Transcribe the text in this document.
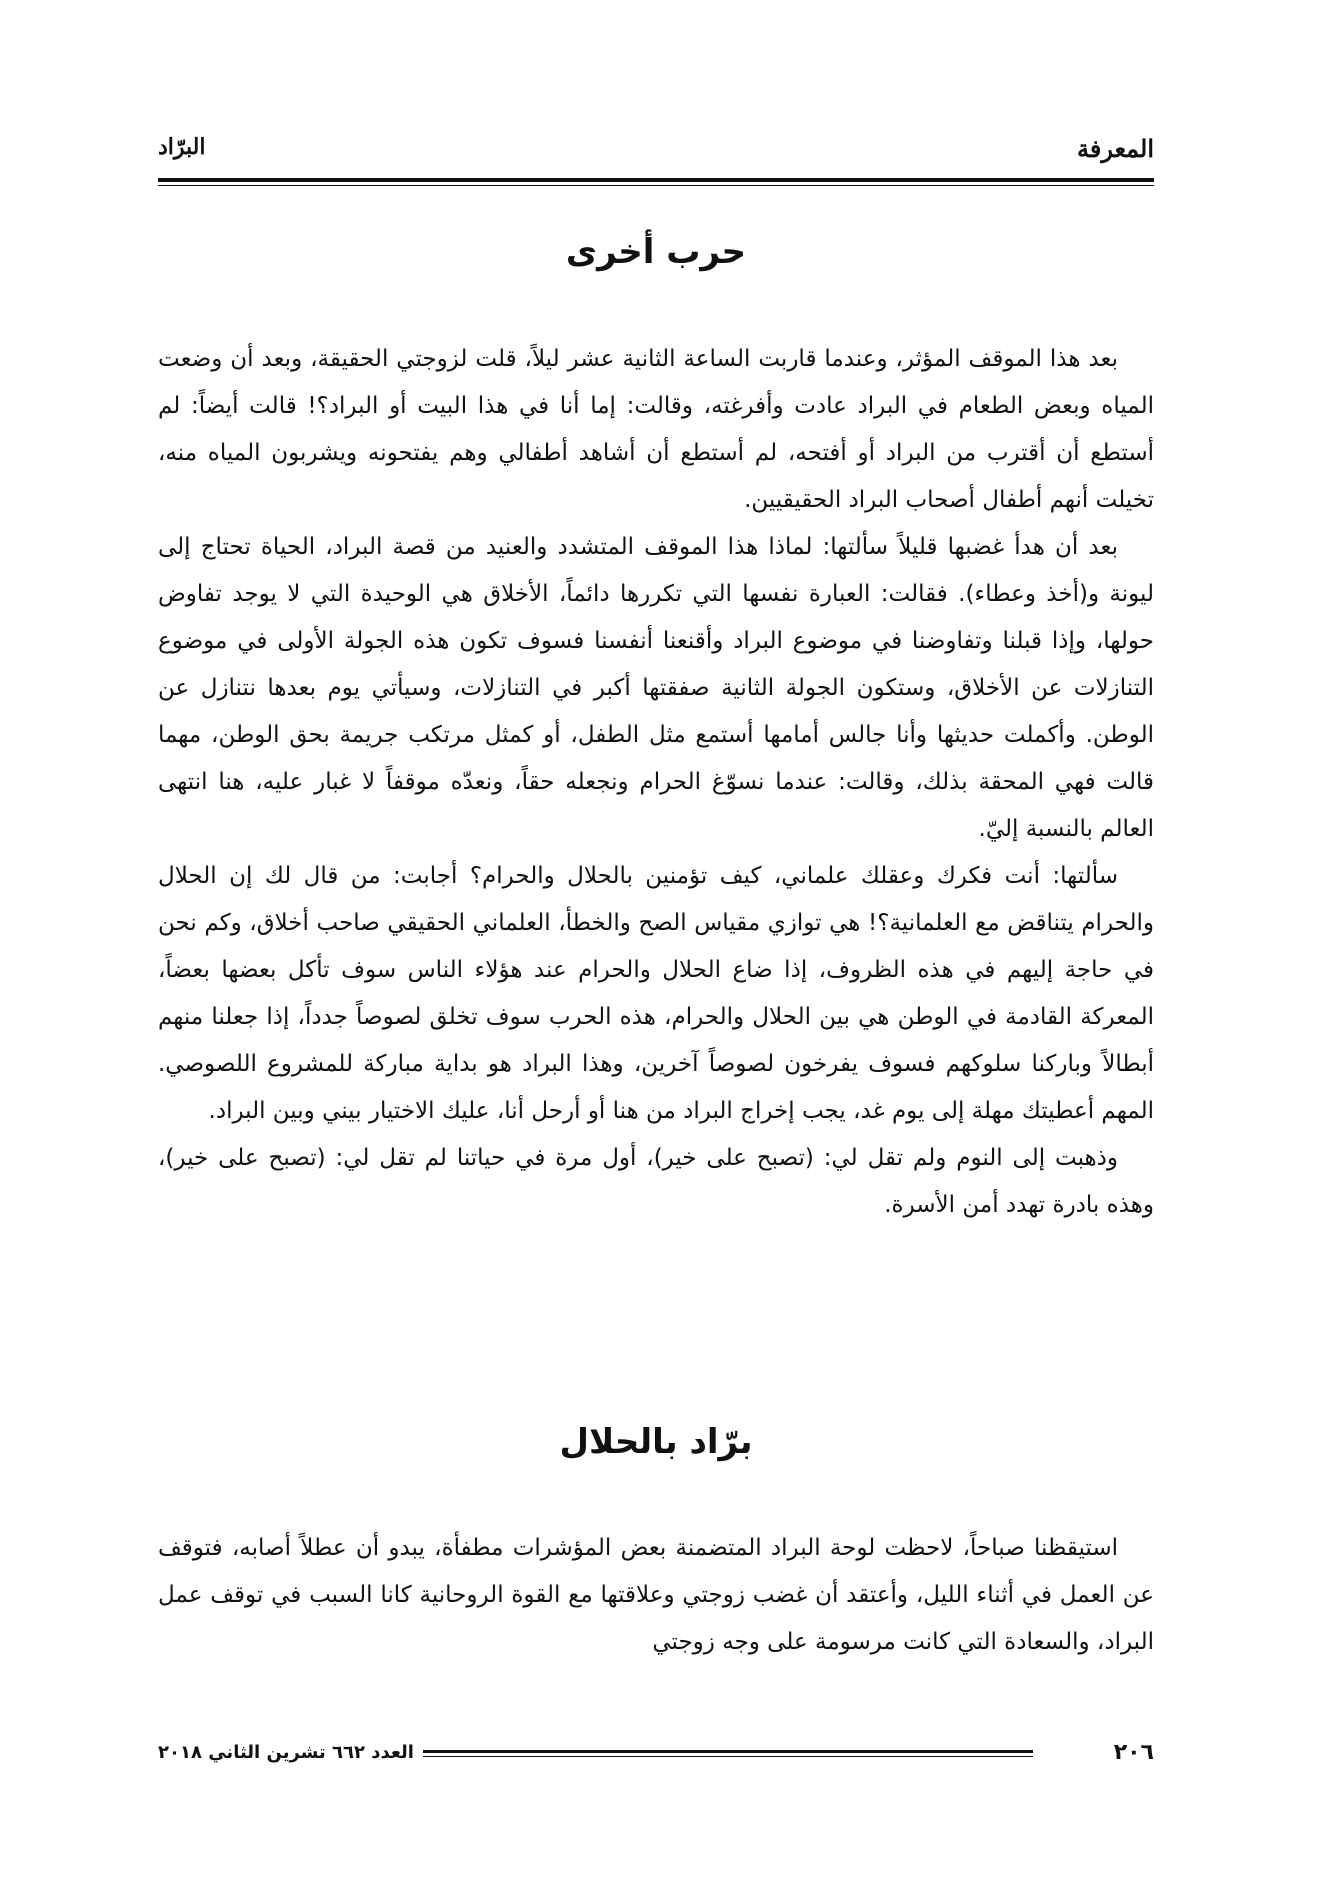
المعرفة
البرّاد
حرب أخرى

بعد هذا الموقف المؤثر، وعندما قاربت الساعة الثانية عشر ليلاً، قلت لزوجتي الحقيقة، وبعد أن وضعت المياه وبعض الطعام في البراد عادت وأفرغته، وقالت: إما أنا في هذا البيت أو البراد؟! قالت أيضاً: لم أستطع أن أقترب من البراد أو أفتحه، لم أستطع أن أشاهد أطفالي وهم يفتحونه ويشربون المياه منه، تخيلت أنهم أطفال أصحاب البراد الحقيقيين.

بعد أن هدأ غضبها قليلاً سألتها: لماذا هذا الموقف المتشدد والعنيد من قصة البراد، الحياة تحتاج إلى ليونة و(أخذ وعطاء). فقالت: العبارة نفسها التي تكررها دائماً، الأخلاق هي الوحيدة التي لا يوجد تفاوض حولها، وإذا قبلنا وتفاوضنا في موضوع البراد وأقنعنا أنفسنا فسوف تكون هذه الجولة الأولى في موضوع التنازلات عن الأخلاق، وستكون الجولة الثانية صفقتها أكبر في التنازلات، وسيأتي يوم بعدها نتنازل عن الوطن. وأكملت حديثها وأنا جالس أمامها أستمع مثل الطفل، أو كمثل مرتكب جريمة بحق الوطن، مهما قالت فهي المحقة بذلك، وقالت: عندما نسوّغ الحرام ونجعله حقاً، ونعدّه موقفاً لا غبار عليه، هنا انتهى العالم بالنسبة إليّ.

سألتها: أنت فكرك وعقلك علماني، كيف تؤمنين بالحلال والحرام؟ أجابت: من قال لك إن الحلال والحرام يتناقض مع العلمانية؟! هي توازي مقياس الصح والخطأ، العلماني الحقيقي صاحب أخلاق، وكم نحن في حاجة إليهم في هذه الظروف، إذا ضاع الحلال والحرام عند هؤلاء الناس سوف تأكل بعضها بعضاً، المعركة القادمة في الوطن هي بين الحلال والحرام، هذه الحرب سوف تخلق لصوصاً جدداً، إذا جعلنا منهم أبطالاً وباركنا سلوكهم فسوف يفرخون لصوصاً آخرين، وهذا البراد هو بداية مباركة للمشروع اللصوصي. المهم أعطيتك مهلة إلى يوم غد، يجب إخراج البراد من هنا أو أرحل أنا، عليك الاختيار بيني وبين البراد.

وذهبت إلى النوم ولم تقل لي: (تصبح على خير)، أول مرة في حياتنا لم تقل لي: (تصبح على خير)، وهذه بادرة تهدد أمن الأسرة.

برّاد بالحلال

استيقظنا صباحاً، لاحظت لوحة البراد المتضمنة بعض المؤشرات مطفأة، يبدو أن عطلاً أصابه، فتوقف عن العمل في أثناء الليل، وأعتقد أن غضب زوجتي وعلاقتها مع القوة الروحانية كانا السبب في توقف عمل البراد، والسعادة التي كانت مرسومة على وجه زوجتي

٢٠٦
العدد ٦٦٢ تشرين الثاني ٢٠١٨
